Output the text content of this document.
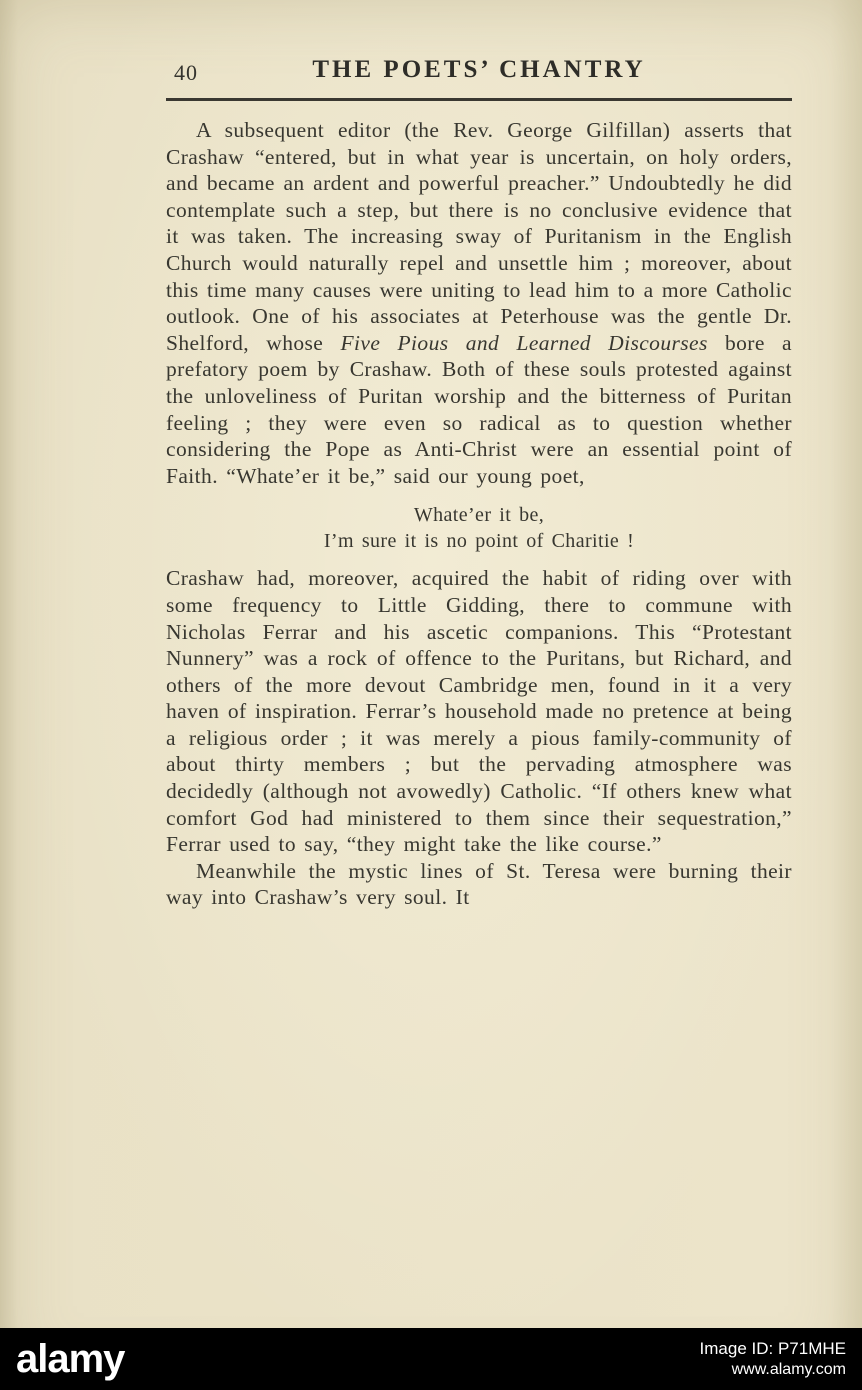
40	THE POETS’ CHANTRY

A subsequent editor (the Rev. George Gilfillan) asserts that Crashaw “entered, but in what year is uncertain, on holy orders, and became an ardent and powerful preacher.” Undoubtedly he did contemplate such a step, but there is no conclusive evidence that it was taken. The increasing sway of Puritanism in the English Church would naturally repel and unsettle him ; moreover, about this time many causes were uniting to lead him to a more Catholic outlook. One of his associates at Peterhouse was the gentle Dr. Shelford, whose Five Pious and Learned Discourses bore a prefatory poem by Crashaw. Both of these souls protested against the unloveliness of Puritan worship and the bitterness of Puritan feeling ; they were even so radical as to question whether considering the Pope as Anti-Christ were an essential point of Faith. “Whate’er it be,” said our young poet,

Whate’er it be,
I’m sure it is no point of Charitie !

Crashaw had, moreover, acquired the habit of riding over with some frequency to Little Gidding, there to commune with Nicholas Ferrar and his ascetic companions. This “Protestant Nunnery” was a rock of offence to the Puritans, but Richard, and others of the more devout Cambridge men, found in it a very haven of inspiration. Ferrar’s household made no pretence at being a religious order ; it was merely a pious family-community of about thirty members ; but the pervading atmosphere was decidedly (although not avowedly) Catholic. “If others knew what comfort God had ministered to them since their sequestration,” Ferrar used to say, “they might take the like course.”

Meanwhile the mystic lines of St. Teresa were burning their way into Crashaw’s very soul. It

alamy	Image ID: P71MHE
www.alamy.com
